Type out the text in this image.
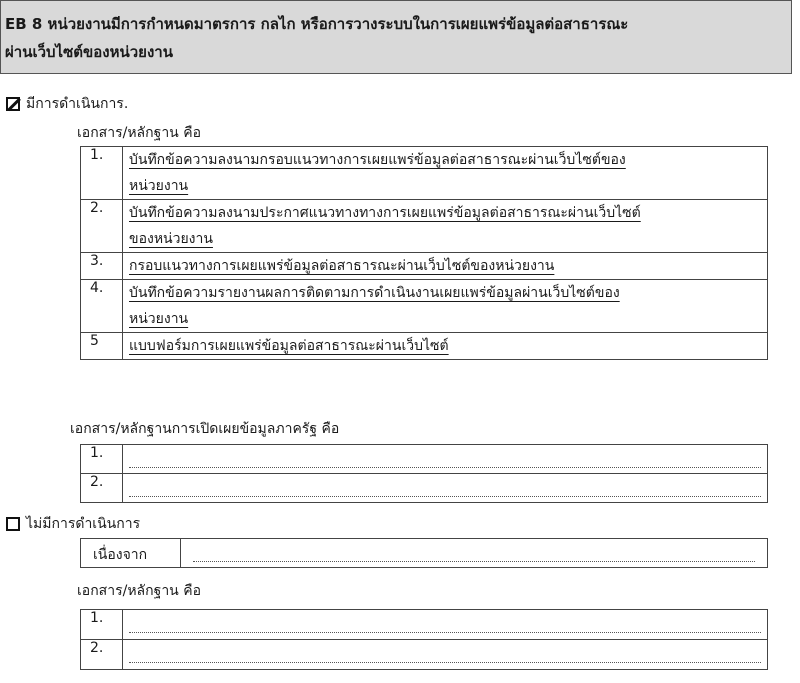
EB 8 หน่วยงานมีการกำหนดมาตรการ กลไก หรือการวางระบบในการเผยแพร่ข้อมูลต่อสาธารณะ
ผ่านเว็บไซต์ของหน่วยงาน
มีการดำเนินการ.
เอกสาร/หลักฐาน คือ
1.	บันทึกข้อความลงนามกรอบแนวทางการเผยแพร่ข้อมูลต่อสาธารณะผ่านเว็บไซต์ของ
หน่วยงาน

2.	บันทึกข้อความลงนามประกาศแนวทางทางการเผยแพร่ข้อมูลต่อสาธารณะผ่านเว็บไซต์
ของหน่วยงาน

3.	กรอบแนวทางการเผยแพร่ข้อมูลต่อสาธารณะผ่านเว็บไซต์ของหน่วยงาน

4.	บันทึกข้อความรายงานผลการติดตามการดำเนินงานเผยแพร่ข้อมูลผ่านเว็บไซต์ของ
หน่วยงาน

5	แบบฟอร์มการเผยแพร่ข้อมูลต่อสาธารณะผ่านเว็บไซต์
เอกสาร/หลักฐานการเปิดเผยข้อมูลภาครัฐ คือ
1.	

2.	
ไม่มีการดำเนินการ
เนื่องจาก
เอกสาร/หลักฐาน คือ
1.	

2.	
